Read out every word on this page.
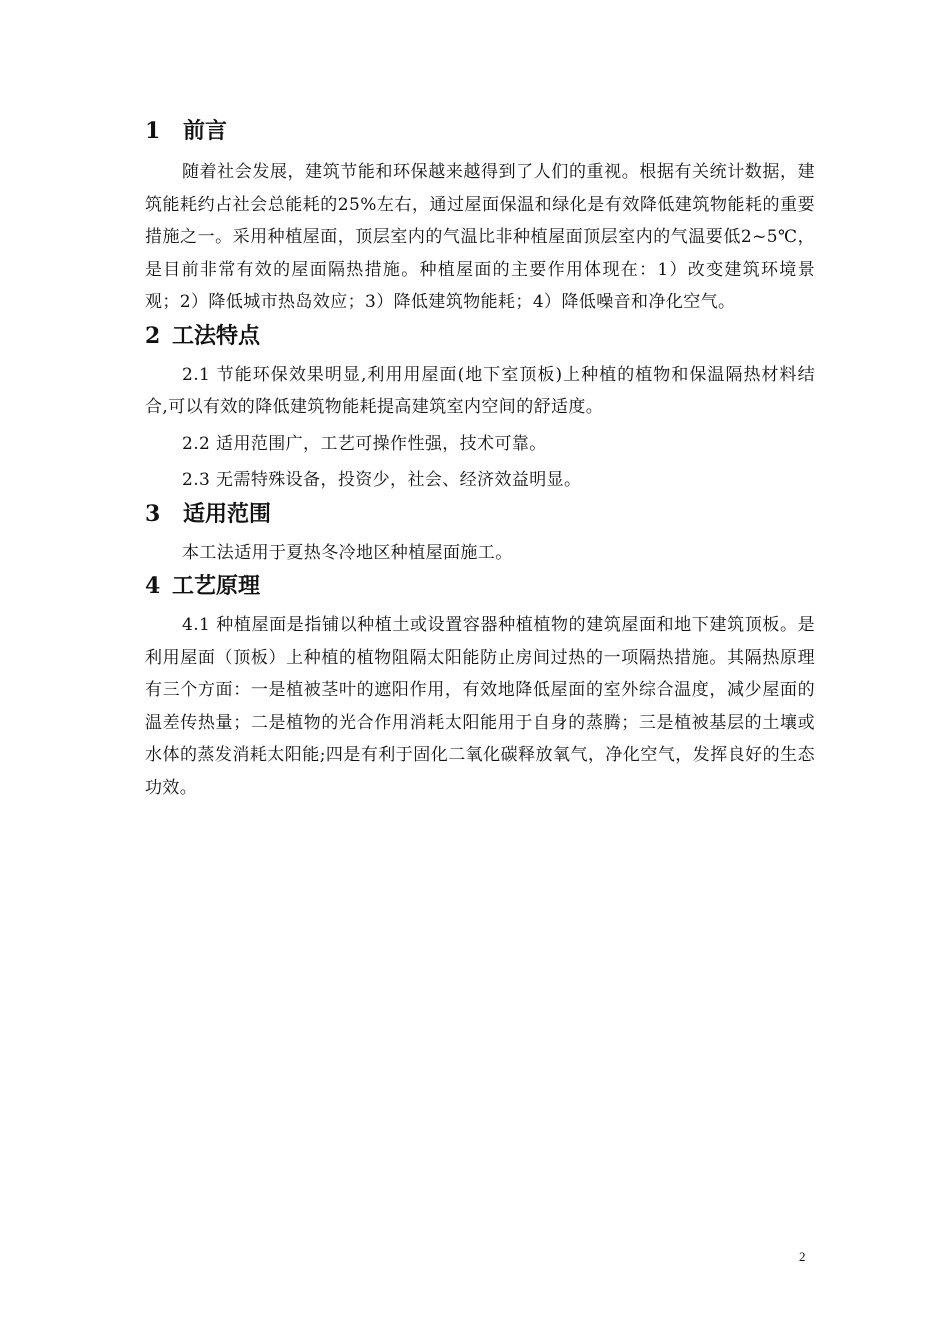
1	前言

随着社会发展，建筑节能和环保越来越得到了人们的重视。根据有关统计数据，建筑能耗约占社会总能耗的25%左右，通过屋面保温和绿化是有效降低建筑物能耗的重要措施之一。采用种植屋面，顶层室内的气温比非种植屋面顶层室内的气温要低2~5℃，是目前非常有效的屋面隔热措施。种植屋面的主要作用体现在：1）改变建筑环境景观；2）降低城市热岛效应；3）降低建筑物能耗；4）降低噪音和净化空气。

2 工法特点

2.1 节能环保效果明显,利用用屋面(地下室顶板)上种植的植物和保温隔热材料结合,可以有效的降低建筑物能耗提高建筑室内空间的舒适度。

2.2 适用范围广，工艺可操作性强，技术可靠。

2.3 无需特殊设备，投资少，社会、经济效益明显。

3	适用范围

本工法适用于夏热冬冷地区种植屋面施工。

4 工艺原理

4.1 种植屋面是指铺以种植土或设置容器种植植物的建筑屋面和地下建筑顶板。是利用屋面（顶板）上种植的植物阻隔太阳能防止房间过热的一项隔热措施。其隔热原理有三个方面：一是植被茎叶的遮阳作用，有效地降低屋面的室外综合温度，减少屋面的温差传热量；二是植物的光合作用消耗太阳能用于自身的蒸腾；三是植被基层的土壤或水体的蒸发消耗太阳能;四是有利于固化二氧化碳释放氧气，净化空气，发挥良好的生态功效。

2
